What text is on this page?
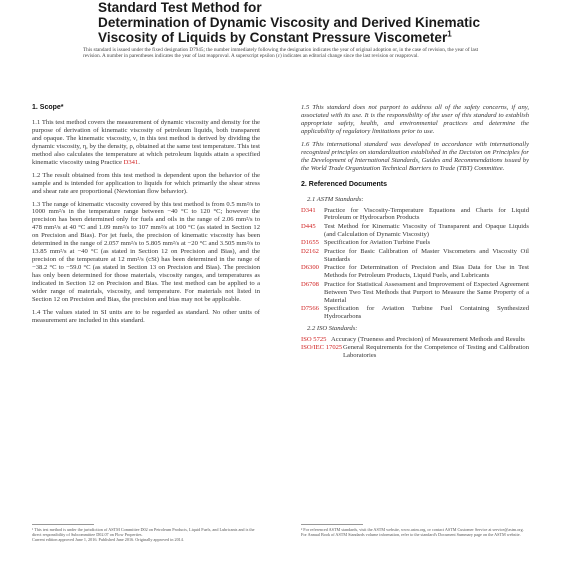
Standard Test Method for
Determination of Dynamic Viscosity and Derived Kinematic
Viscosity of Liquids by Constant Pressure Viscometer$^1$

This standard is issued under the fixed designation D7945; the number immediately following the designation indicates the year of original adoption or, in the case of revision, the year of last revision. A number in parentheses indicates the year of last reapproval. A superscript epsilon (ε) indicates an editorial change since the last revision or reapproval.

1. Scope*

1.1 This test method covers the measurement of dynamic viscosity and density for the purpose of derivation of kinematic viscosity of petroleum liquids, both transparent and opaque. The kinematic viscosity, ν, in this test method is derived by dividing the dynamic viscosity, η, by the density, ρ, obtained at the same test temperature. This test method also calculates the temperature at which petroleum liquids attain a specified kinematic viscosity using Practice D341.

1.2 The result obtained from this test method is dependent upon the behavior of the sample and is intended for application to liquids for which primarily the shear stress and shear rate are proportional (Newtonian flow behavior).

1.3 The range of kinematic viscosity covered by this test method is from 0.5 mm²/s to 1000 mm²/s in the temperature range between −40 °C to 120 °C; however the precision has been determined only for fuels and oils in the range of 2.06 mm²/s to 478 mm²/s at 40 °C and 1.09 mm²/s to 107 mm²/s at 100 °C (as stated in Section 12 on Precision and Bias). For jet fuels, the precision of kinematic viscosity has been determined in the range of 2.057 mm²/s to 5.805 mm²/s at −20 °C and 3.505 mm²/s to 13.85 mm²/s at −40 °C (as stated in Section 12 on Precision and Bias), and the precision of the temperature at 12 mm²/s (cSt) has been determined in the range of −38.2 °C to −59.0 °C (as stated in Section 13 on Precision and Bias). The precision has only been determined for those materials, viscosity ranges, and temperatures as indicated in Section 12 on Precision and Bias. The test method can be applied to a wider range of materials, viscosity, and temperature. For materials not listed in Section 12 on Precision and Bias, the precision and bias may not be applicable.

1.4 The values stated in SI units are to be regarded as standard. No other units of measurement are included in this standard.

1.5 This standard does not purport to address all of the safety concerns, if any, associated with its use. It is the responsibility of the user of this standard to establish appropriate safety, health, and environmental practices and determine the applicability of regulatory limitations prior to use.

1.6 This international standard was developed in accordance with internationally recognized principles on standardization established in the Decision on Principles for the Development of International Standards, Guides and Recommendations issued by the World Trade Organization Technical Barriers to Trade (TBT) Committee.

2. Referenced Documents
2.1 ASTM Standards:
D341	Practice for Viscosity-Temperature Equations and Charts for Liquid Petroleum or Hydrocarbon Products
D445	Test Method for Kinematic Viscosity of Transparent and Opaque Liquids (and Calculation of Dynamic Viscosity)
D1655 Specification for Aviation Turbine Fuels
D2162 Practice for Basic Calibration of Master Viscometers and Viscosity Oil Standards
D6300 Practice for Determination of Precision and Bias Data for Use in Test Methods for Petroleum Products, Liquid Fuels, and Lubricants
D6708 Practice for Statistical Assessment and Improvement of Expected Agreement Between Two Test Methods that Purport to Measure the Same Property of a Material
D7566 Specification for Aviation Turbine Fuel Containing Synthesized Hydrocarbons
2.2 ISO Standards:
ISO 5725 Accuracy (Trueness and Precision) of Measurement Methods and Results
ISO/IEC 17025 General Requirements for the Competence of Testing and Calibration Laboratories
¹ This test method is under the jurisdiction of ASTM Committee D02 on Petroleum Products, Liquid Fuels, and Lubricants and is the direct responsibility of Subcommittee D02.07 on Flow Properties.
Current edition approved June 1, 2016. Published June 2016. Originally approved in 2014.
² For referenced ASTM standards, visit the ASTM website, www.astm.org, or contact ASTM Customer Service at service@astm.org. For Annual Book of ASTM Standards volume information, refer to the standard's Document Summary page on the ASTM website.
